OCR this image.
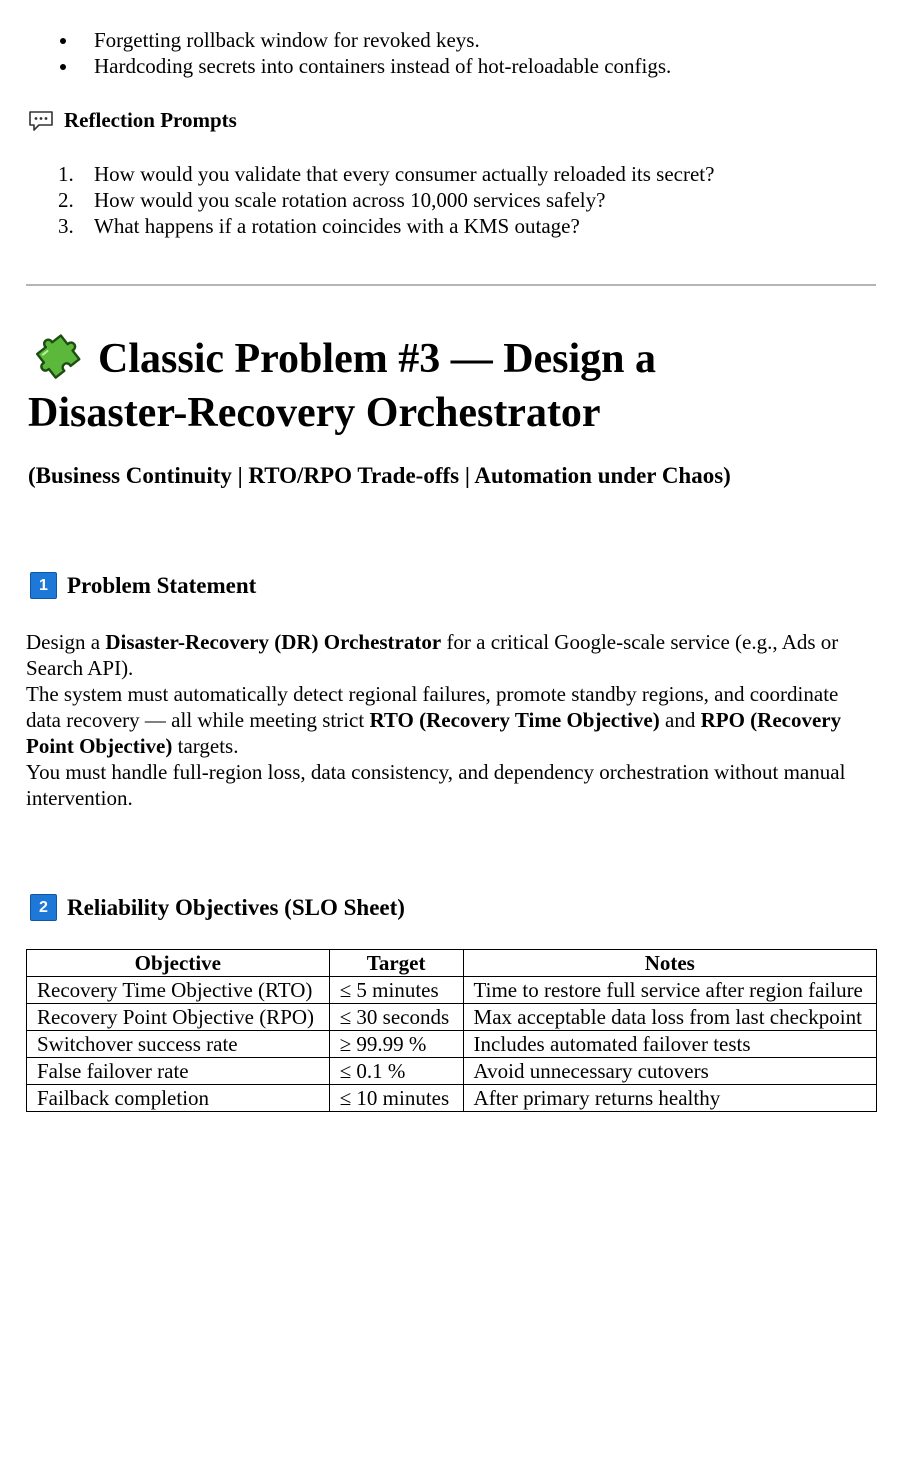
Forgetting rollback window for revoked keys.
Hardcoding secrets into containers instead of hot-reloadable configs.
Reflection Prompts
1. How would you validate that every consumer actually reloaded its secret?
2. How would you scale rotation across 10,000 services safely?
3. What happens if a rotation coincides with a KMS outage?
Classic Problem #3 — Design a
Disaster-Recovery Orchestrator
(Business Continuity | RTO/RPO Trade-offs | Automation under Chaos)
1 Problem Statement

Design a Disaster-Recovery (DR) Orchestrator for a critical Google-scale service (e.g., Ads or Search API).

The system must automatically detect regional failures, promote standby regions, and coordinate data recovery — all while meeting strict RTO (Recovery Time Objective) and RPO (Recovery Point Objective) targets.

You must handle full-region loss, data consistency, and dependency orchestration without manual intervention.

2 Reliability Objectives (SLO Sheet)
Objective	Target	Notes
Recovery Time Objective (RTO)	≤ 5 minutes	Time to restore full service after region failure
Recovery Point Objective (RPO)	≤ 30 seconds	Max acceptable data loss from last checkpoint
Switchover success rate	≥ 99.99 %	Includes automated failover tests
False failover rate	≤ 0.1 %	Avoid unnecessary cutovers
Failback completion	≤ 10 minutes	After primary returns healthy
